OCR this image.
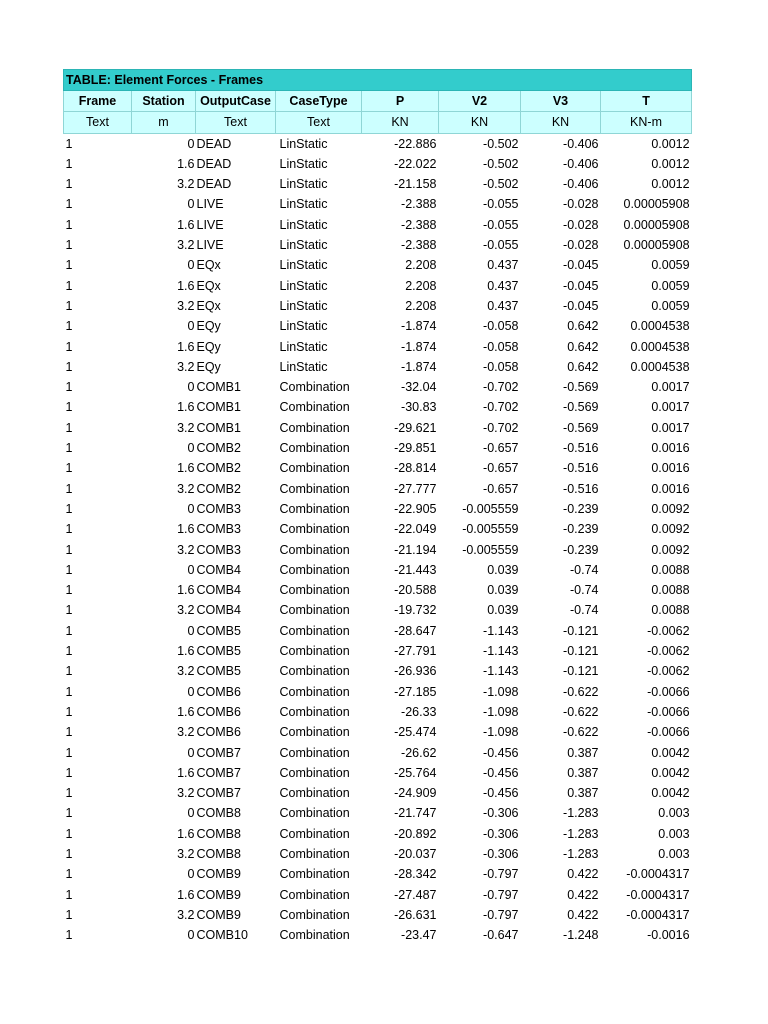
TABLE: Element Forces - Frames							
Frame	Station	OutputCase	CaseType	P	V2	V3	T
Text	m	Text	Text	KN	KN	KN	KN-m
1	0	DEAD	LinStatic	-22.886	-0.502	-0.406	0.0012
1	1.6	DEAD	LinStatic	-22.022	-0.502	-0.406	0.0012
1	3.2	DEAD	LinStatic	-21.158	-0.502	-0.406	0.0012
1	0	LIVE	LinStatic	-2.388	-0.055	-0.028	0.00005908
1	1.6	LIVE	LinStatic	-2.388	-0.055	-0.028	0.00005908
1	3.2	LIVE	LinStatic	-2.388	-0.055	-0.028	0.00005908
1	0	EQx	LinStatic	2.208	0.437	-0.045	0.0059
1	1.6	EQx	LinStatic	2.208	0.437	-0.045	0.0059
1	3.2	EQx	LinStatic	2.208	0.437	-0.045	0.0059
1	0	EQy	LinStatic	-1.874	-0.058	0.642	0.0004538
1	1.6	EQy	LinStatic	-1.874	-0.058	0.642	0.0004538
1	3.2	EQy	LinStatic	-1.874	-0.058	0.642	0.0004538
1	0	COMB1	Combination	-32.04	-0.702	-0.569	0.0017
1	1.6	COMB1	Combination	-30.83	-0.702	-0.569	0.0017
1	3.2	COMB1	Combination	-29.621	-0.702	-0.569	0.0017
1	0	COMB2	Combination	-29.851	-0.657	-0.516	0.0016
1	1.6	COMB2	Combination	-28.814	-0.657	-0.516	0.0016
1	3.2	COMB2	Combination	-27.777	-0.657	-0.516	0.0016
1	0	COMB3	Combination	-22.905	-0.005559	-0.239	0.0092
1	1.6	COMB3	Combination	-22.049	-0.005559	-0.239	0.0092
1	3.2	COMB3	Combination	-21.194	-0.005559	-0.239	0.0092
1	0	COMB4	Combination	-21.443	0.039	-0.74	0.0088
1	1.6	COMB4	Combination	-20.588	0.039	-0.74	0.0088
1	3.2	COMB4	Combination	-19.732	0.039	-0.74	0.0088
1	0	COMB5	Combination	-28.647	-1.143	-0.121	-0.0062
1	1.6	COMB5	Combination	-27.791	-1.143	-0.121	-0.0062
1	3.2	COMB5	Combination	-26.936	-1.143	-0.121	-0.0062
1	0	COMB6	Combination	-27.185	-1.098	-0.622	-0.0066
1	1.6	COMB6	Combination	-26.33	-1.098	-0.622	-0.0066
1	3.2	COMB6	Combination	-25.474	-1.098	-0.622	-0.0066
1	0	COMB7	Combination	-26.62	-0.456	0.387	0.0042
1	1.6	COMB7	Combination	-25.764	-0.456	0.387	0.0042
1	3.2	COMB7	Combination	-24.909	-0.456	0.387	0.0042
1	0	COMB8	Combination	-21.747	-0.306	-1.283	0.003
1	1.6	COMB8	Combination	-20.892	-0.306	-1.283	0.003
1	3.2	COMB8	Combination	-20.037	-0.306	-1.283	0.003
1	0	COMB9	Combination	-28.342	-0.797	0.422	-0.0004317
1	1.6	COMB9	Combination	-27.487	-0.797	0.422	-0.0004317
1	3.2	COMB9	Combination	-26.631	-0.797	0.422	-0.0004317
1	0	COMB10	Combination	-23.47	-0.647	-1.248	-0.0016
